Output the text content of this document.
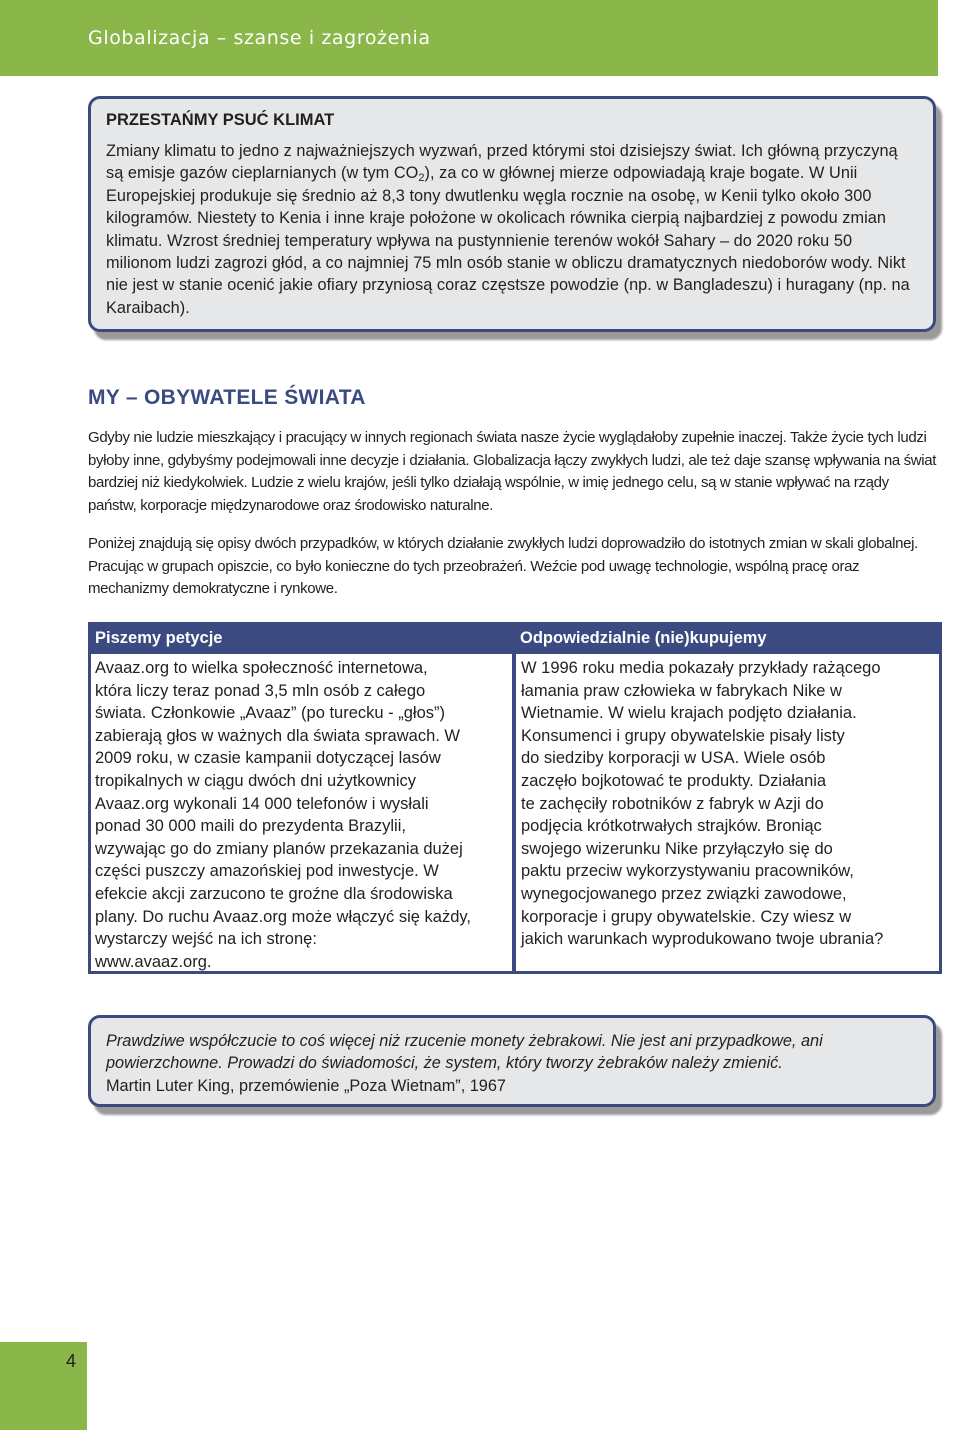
Globalizacja – szanse i zagrożenia

PRZESTAŃMY PSUĆ KLIMAT

Zmiany klimatu to jedno z najważniejszych wyzwań, przed którymi stoi dzisiejszy świat. Ich główną przyczyną są emisje gazów cieplarnianych (w tym $CO_2$), za co w głównej mierze odpowiadają kraje bogate. W Unii Europejskiej produkuje się średnio aż 8,3 tony dwutlenku węgla rocznie na osobę, w Kenii tylko około 300 kilogramów. Niestety to Kenia i inne kraje położone w okolicach równika cierpią najbardziej z powodu zmian klimatu. Wzrost średniej temperatury wpływa na pustynnienie terenów wokół Sahary – do 2020 roku 50 milionom ludzi zagrozi głód, a co najmniej 75 mln osób stanie w obliczu dramatycznych niedoborów wody. Nikt nie jest w stanie ocenić jakie ofiary przyniosą coraz częstsze powodzie (np. w Bangladeszu) i huragany (np. na Karaibach).

MY – OBYWATELE ŚWIATA

Gdyby nie ludzie mieszkający i pracujący w innych regionach świata nasze życie wyglądałoby zupełnie inaczej. Także życie tych ludzi byłoby inne, gdybyśmy podejmowali inne decyzje i działania. Globalizacja łączy zwykłych ludzi, ale też daje szansę wpływania na świat bardziej niż kiedykolwiek. Ludzie z wielu krajów, jeśli tylko działają wspólnie, w imię jednego celu, są w stanie wpływać na rządy państw, korporacje międzynarodowe oraz środowisko naturalne.

Poniżej znajdują się opisy dwóch przypadków, w których działanie zwykłych ludzi doprowadziło do istotnych zmian w skali globalnej. Pracując w grupach opiszcie, co było konieczne do tych przeobrażeń. Weźcie pod uwagę technologie, wspólną pracę oraz mechanizmy demokratyczne i rynkowe.

Piszemy petycje	Odpowiedzialnie (nie)kupujemy
Avaaz.org to wielka społeczność internetowa,
która liczy teraz ponad 3,5 mln osób z całego
świata. Członkowie „Avaaz” (po turecku - „głos”)
zabierają głos w ważnych dla świata sprawach. W
2009 roku, w czasie kampanii dotyczącej lasów
tropikalnych w ciągu dwóch dni użytkownicy
Avaaz.org wykonali 14 000 telefonów i wysłali
ponad 30 000 maili do prezydenta Brazylii,
wzywając go do zmiany planów przekazania dużej
części puszczy amazońskiej pod inwestycje. W
efekcie akcji zarzucono te groźne dla środowiska
plany. Do ruchu Avaaz.org może włączyć się każdy,
wystarczy wejść na ich stronę:
www.avaaz.org.
W 1996 roku media pokazały przykłady rażącego
łamania praw człowieka w fabrykach Nike w
Wietnamie. W wielu krajach podjęto działania.
Konsumenci i grupy obywatelskie pisały listy
do siedziby korporacji w USA. Wiele osób
zaczęło bojkotować te produkty. Działania
te zachęciły robotników z fabryk w Azji do
podjęcia krótkotrwałych strajków. Broniąc
swojego wizerunku Nike przyłączyło się do
paktu przeciw wykorzystywaniu pracowników,
wynegocjowanego przez związki zawodowe,
korporacje i grupy obywatelskie. Czy wiesz w
jakich warunkach wyprodukowano twoje ubrania?

Prawdziwe współczucie to coś więcej niż rzucenie monety żebrakowi. Nie jest ani przypadkowe, ani powierzchowne. Prowadzi do świadomości, że system, który tworzy żebraków należy zmienić.
Martin Luter King, przemówienie „Poza Wietnam”, 1967

4
